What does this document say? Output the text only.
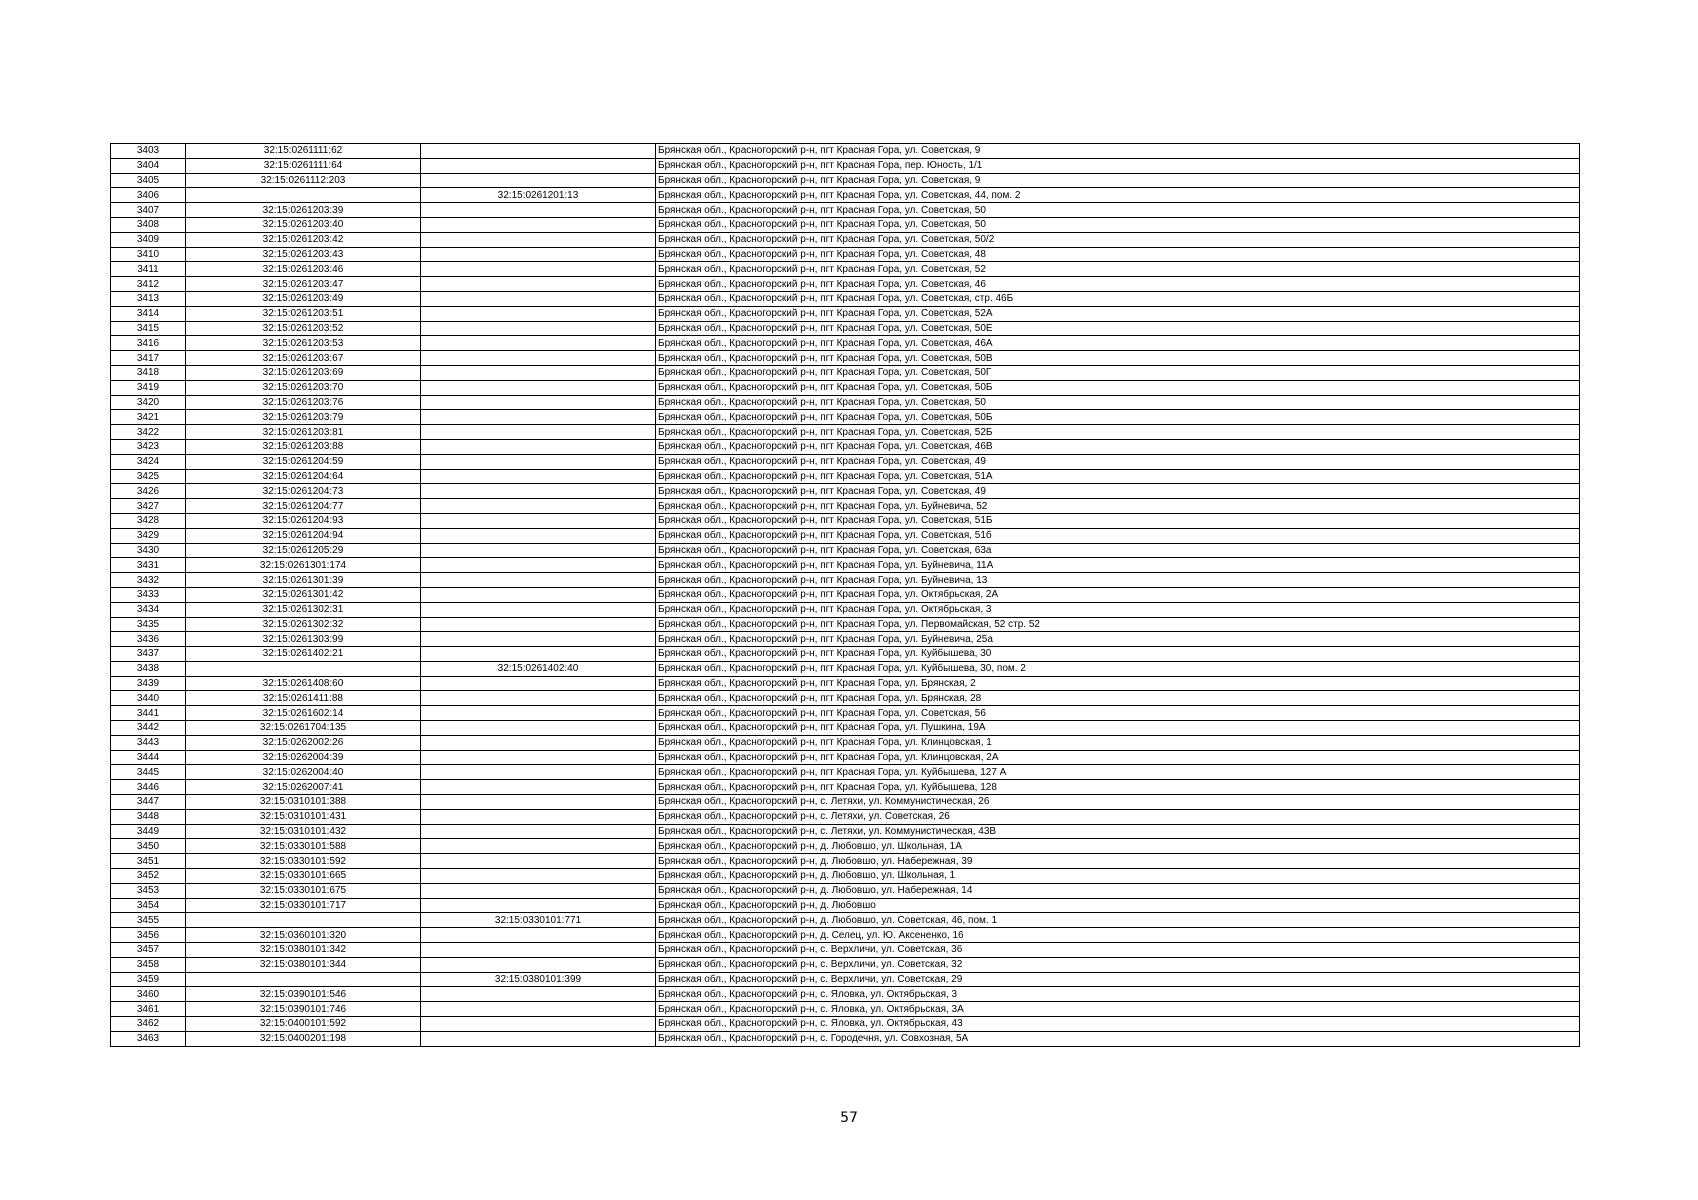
3403	32:15:0261111:62		Брянская обл., Красногорский р-н, пгт Красная Гора, ул. Советская, 9
3404	32:15:0261111:64		Брянская обл., Красногорский р-н, пгт Красная Гора, пер. Юность, 1/1
3405	32:15:0261112:203		Брянская обл., Красногорский р-н, пгт Красная Гора, ул. Советская, 9
3406		32:15:0261201:13	Брянская обл., Красногорский р-н, пгт Красная Гора, ул. Советская, 44, пом. 2
3407	32:15:0261203:39		Брянская обл., Красногорский р-н, пгт Красная Гора, ул. Советская, 50
3408	32:15:0261203:40		Брянская обл., Красногорский р-н, пгт Красная Гора, ул. Советская, 50
3409	32:15:0261203:42		Брянская обл., Красногорский р-н, пгт Красная Гора, ул. Советская, 50/2
3410	32:15:0261203:43		Брянская обл., Красногорский р-н, пгт Красная Гора, ул. Советская, 48
3411	32:15:0261203:46		Брянская обл., Красногорский р-н, пгт Красная Гора, ул. Советская, 52
3412	32:15:0261203:47		Брянская обл., Красногорский р-н, пгт Красная Гора, ул. Советская, 46
3413	32:15:0261203:49		Брянская обл., Красногорский р-н, пгт Красная Гора, ул. Советская, стр. 46Б
3414	32:15:0261203:51		Брянская обл., Красногорский р-н, пгт Красная Гора, ул. Советская, 52А
3415	32:15:0261203:52		Брянская обл., Красногорский р-н, пгт Красная Гора, ул. Советская, 50Е
3416	32:15:0261203:53		Брянская обл., Красногорский р-н, пгт Красная Гора, ул. Советская, 46А
3417	32:15:0261203:67		Брянская обл., Красногорский р-н, пгт Красная Гора, ул. Советская, 50В
3418	32:15:0261203:69		Брянская обл., Красногорский р-н, пгт Красная Гора, ул. Советская, 50Г
3419	32:15:0261203:70		Брянская обл., Красногорский р-н, пгт Красная Гора, ул. Советская, 50Б
3420	32:15:0261203:76		Брянская обл., Красногорский р-н, пгт Красная Гора, ул. Советская, 50
3421	32:15:0261203:79		Брянская обл., Красногорский р-н, пгт Красная Гора, ул. Советская, 50Б
3422	32:15:0261203:81		Брянская обл., Красногорский р-н, пгт Красная Гора, ул. Советская, 52Б
3423	32:15:0261203:88		Брянская обл., Красногорский р-н, пгт Красная Гора, ул. Советская, 46В
3424	32:15:0261204:59		Брянская обл., Красногорский р-н, пгт Красная Гора, ул. Советская, 49
3425	32:15:0261204:64		Брянская обл., Красногорский р-н, пгт Красная Гора, ул. Советская, 51А
3426	32:15:0261204:73		Брянская обл., Красногорский р-н, пгт Красная Гора, ул. Советская, 49
3427	32:15:0261204:77		Брянская обл., Красногорский р-н, пгт Красная Гора, ул. Буйневича, 52
3428	32:15:0261204:93		Брянская обл., Красногорский р-н, пгт Красная Гора, ул. Советская, 51Б
3429	32:15:0261204:94		Брянская обл., Красногорский р-н, пгт Красная Гора, ул. Советская, 51б
3430	32:15:0261205:29		Брянская обл., Красногорский р-н, пгт Красная Гора, ул. Советская, 63а
3431	32:15:0261301:174		Брянская обл., Красногорский р-н, пгт Красная Гора, ул. Буйневича, 11А
3432	32:15:0261301:39		Брянская обл., Красногорский р-н, пгт Красная Гора, ул. Буйневича, 13
3433	32:15:0261301:42		Брянская обл., Красногорский р-н, пгт Красная Гора, ул. Октябрьская, 2А
3434	32:15:0261302:31		Брянская обл., Красногорский р-н, пгт Красная Гора, ул. Октябрьская, 3
3435	32:15:0261302:32		Брянская обл., Красногорский р-н, пгт Красная Гора, ул. Первомайская, 52 стр. 52
3436	32:15:0261303:99		Брянская обл., Красногорский р-н, пгт Красная Гора, ул. Буйневича, 25а
3437	32:15:0261402:21		Брянская обл., Красногорский р-н, пгт Красная Гора, ул. Куйбышева, 30
3438		32:15:0261402:40	Брянская обл., Красногорский р-н, пгт Красная Гора, ул. Куйбышева, 30, пом. 2
3439	32:15:0261408:60		Брянская обл., Красногорский р-н, пгт Красная Гора, ул. Брянская, 2
3440	32:15:0261411:88		Брянская обл., Красногорский р-н, пгт Красная Гора, ул. Брянская, 28
3441	32:15:0261602:14		Брянская обл., Красногорский р-н, пгт Красная Гора, ул. Советская, 56
3442	32:15:0261704:135		Брянская обл., Красногорский р-н, пгт Красная Гора, ул. Пушкина, 19А
3443	32:15:0262002:26		Брянская обл., Красногорский р-н, пгт Красная Гора, ул. Клинцовская, 1
3444	32:15:0262004:39		Брянская обл., Красногорский р-н, пгт Красная Гора, ул. Клинцовская, 2А
3445	32:15:0262004:40		Брянская обл., Красногорский р-н, пгт Красная Гора, ул. Куйбышева, 127 А
3446	32:15:0262007:41		Брянская обл., Красногорский р-н, пгт Красная Гора, ул. Куйбышева, 128
3447	32:15:0310101:388		Брянская обл., Красногорский р-н, с. Летяхи, ул. Коммунистическая, 26
3448	32:15:0310101:431		Брянская обл., Красногорский р-н, с. Летяхи, ул. Советская, 26
3449	32:15:0310101:432		Брянская обл., Красногорский р-н, с. Летяхи, ул. Коммунистическая, 43В
3450	32:15:0330101:588		Брянская обл., Красногорский р-н, д. Любовшо, ул. Школьная, 1А
3451	32:15:0330101:592		Брянская обл., Красногорский р-н, д. Любовшо, ул. Набережная, 39
3452	32:15:0330101:665		Брянская обл., Красногорский р-н, д. Любовшо, ул. Школьная, 1
3453	32:15:0330101:675		Брянская обл., Красногорский р-н, д. Любовшо, ул. Набережная, 14
3454	32:15:0330101:717		Брянская обл., Красногорский р-н, д. Любовшо
3455		32:15:0330101:771	Брянская обл., Красногорский р-н, д. Любовшо, ул. Советская, 46, пом. 1
3456	32:15:0360101:320		Брянская обл., Красногорский р-н, д. Селец, ул. Ю. Аксененко, 16
3457	32:15:0380101:342		Брянская обл., Красногорский р-н, с. Верхличи, ул. Советская, 36
3458	32:15:0380101:344		Брянская обл., Красногорский р-н, с. Верхличи, ул. Советская, 32
3459		32:15:0380101:399	Брянская обл., Красногорский р-н, с. Верхличи, ул. Советская, 29
3460	32:15:0390101:546		Брянская обл., Красногорский р-н, с. Яловка, ул. Октябрьская, 3
3461	32:15:0390101:746		Брянская обл., Красногорский р-н, с. Яловка, ул. Октябрьская, 3А
3462	32:15:0400101:592		Брянская обл., Красногорский р-н, с. Яловка, ул. Октябрьская, 43
3463	32:15:0400201:198		Брянская обл., Красногорский р-н, с. Городечня, ул. Совхозная, 5А
57
